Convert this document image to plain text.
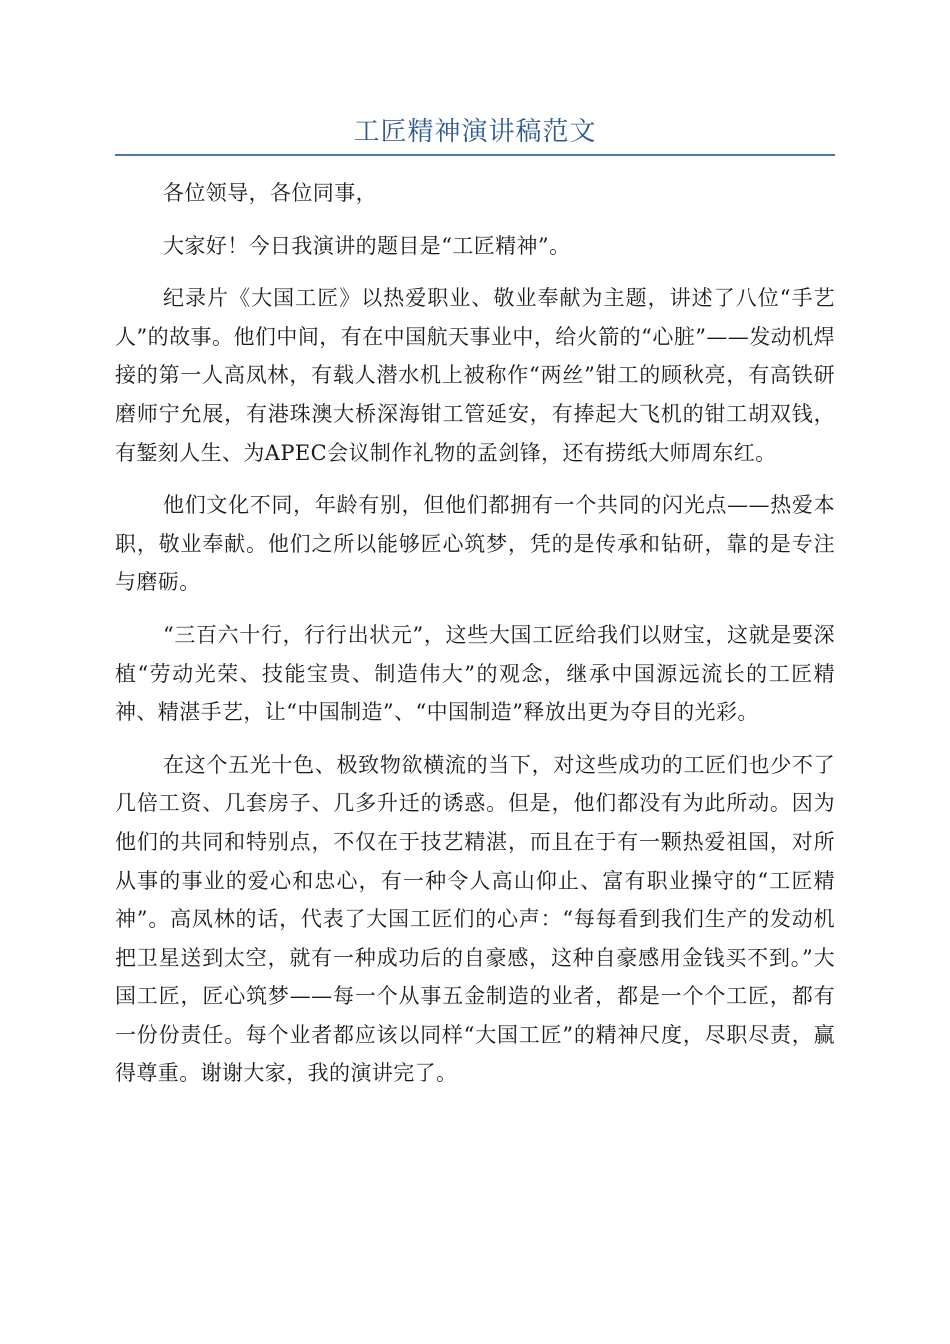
工匠精神演讲稿范文

各位领导，各位同事，

大家好！今日我演讲的题目是“工匠精神”。

纪录片《大国工匠》以热爱职业、敬业奉献为主题，讲述了八位“手艺人”的故事。他们中间，有在中国航天事业中，给火箭的“心脏”——发动机焊接的第一人高凤林，有载人潜水机上被称作“两丝”钳工的顾秋亮，有高铁研磨师宁允展，有港珠澳大桥深海钳工管延安，有捧起大飞机的钳工胡双钱，有錾刻人生、为APEC会议制作礼物的孟剑锋，还有捞纸大师周东红。

他们文化不同，年龄有别，但他们都拥有一个共同的闪光点——热爱本职，敬业奉献。他们之所以能够匠心筑梦，凭的是传承和钻研，靠的是专注与磨砺。

“三百六十行，行行出状元”，这些大国工匠给我们以财宝，这就是要深植“劳动光荣、技能宝贵、制造伟大”的观念，继承中国源远流长的工匠精神、精湛手艺，让“中国制造”、“中国制造”释放出更为夺目的光彩。

在这个五光十色、极致物欲横流的当下，对这些成功的工匠们也少不了几倍工资、几套房子、几多升迁的诱惑。但是，他们都没有为此所动。因为他们的共同和特别点，不仅在于技艺精湛，而且在于有一颗热爱祖国，对所从事的事业的爱心和忠心，有一种令人高山仰止、富有职业操守的“工匠精神”。高凤林的话，代表了大国工匠们的心声：“每每看到我们生产的发动机把卫星送到太空，就有一种成功后的自豪感，这种自豪感用金钱买不到。”大国工匠，匠心筑梦——每一个从事五金制造的业者，都是一个个工匠，都有一份份责任。每个业者都应该以同样“大国工匠”的精神尺度，尽职尽责，赢得尊重。谢谢大家，我的演讲完了。
